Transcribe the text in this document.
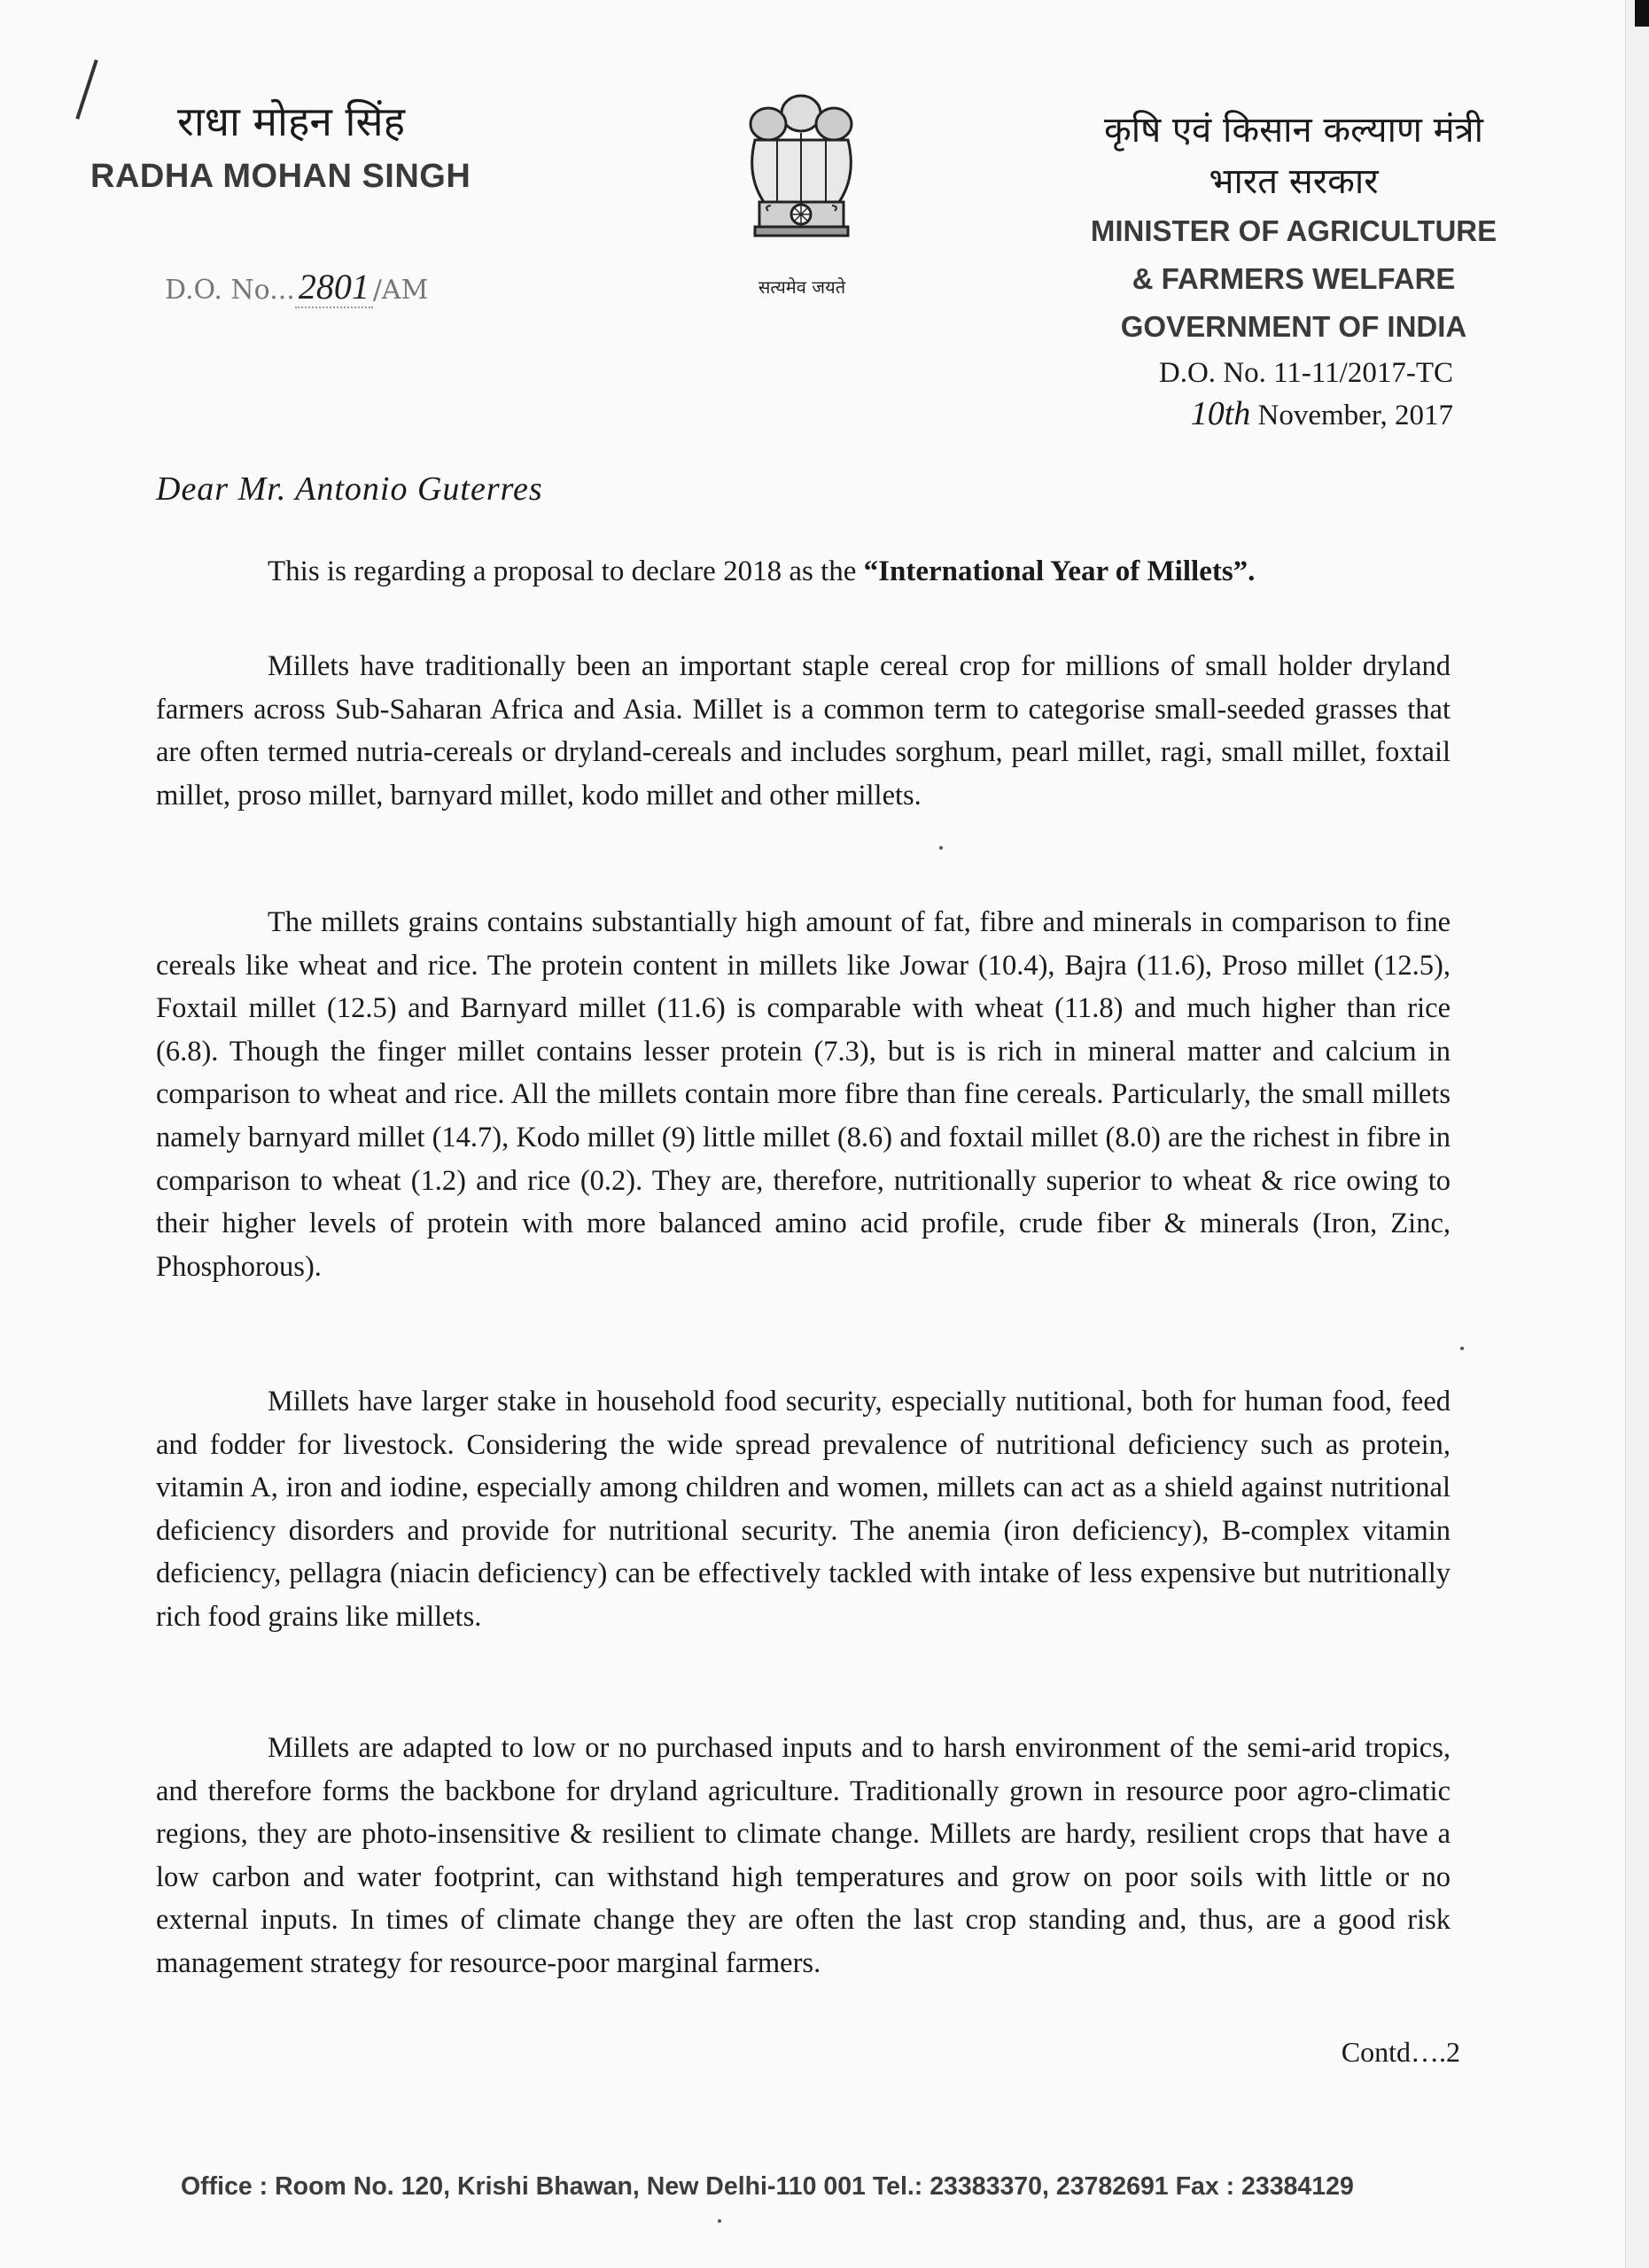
राधा मोहन सिंह
RADHA MOHAN SINGH
D.O. No... 2801 /AM	सत्यमेव जयते
कृषि एवं किसान कल्याण मंत्री
भारत सरकार
MINISTER OF AGRICULTURE
& FARMERS WELFARE
GOVERNMENT OF INDIA
D.O. No. 11-11/2017-TC
10th November, 2017
Dear Mr. Antonio Guterres
This is regarding a proposal to declare 2018 as the “International Year of Millets”.

Millets have traditionally been an important staple cereal crop for millions of small holder dryland farmers across Sub-Saharan Africa and Asia. Millet is a common term to categorise small-seeded grasses that are often termed nutria-cereals or dryland-cereals and includes sorghum, pearl millet, ragi, small millet, foxtail millet, proso millet, barnyard millet, kodo millet and other millets.

The millets grains contains substantially high amount of fat, fibre and minerals in comparison to fine cereals like wheat and rice. The protein content in millets like Jowar (10.4), Bajra (11.6), Proso millet (12.5), Foxtail millet (12.5) and Barnyard millet (11.6) is comparable with wheat (11.8) and much higher than rice (6.8). Though the finger millet contains lesser protein (7.3), but is is rich in mineral matter and calcium in comparison to wheat and rice. All the millets contain more fibre than fine cereals. Particularly, the small millets namely barnyard millet (14.7), Kodo millet (9) little millet (8.6) and foxtail millet (8.0) are the richest in fibre in comparison to wheat (1.2) and rice (0.2). They are, therefore, nutritionally superior to wheat & rice owing to their higher levels of protein with more balanced amino acid profile, crude fiber & minerals (Iron, Zinc, Phosphorous).

Millets have larger stake in household food security, especially nutitional, both for human food, feed and fodder for livestock. Considering the wide spread prevalence of nutritional deficiency such as protein, vitamin A, iron and iodine, especially among children and women, millets can act as a shield against nutritional deficiency disorders and provide for nutritional security. The anemia (iron deficiency), B-complex vitamin deficiency, pellagra (niacin deficiency) can be effectively tackled with intake of less expensive but nutritionally rich food grains like millets.

Millets are adapted to low or no purchased inputs and to harsh environment of the semi-arid tropics, and therefore forms the backbone for dryland agriculture. Traditionally grown in resource poor agro-climatic regions, they are photo-insensitive & resilient to climate change. Millets are hardy, resilient crops that have a low carbon and water footprint, can withstand high temperatures and grow on poor soils with little or no external inputs. In times of climate change they are often the last crop standing and, thus, are a good risk management strategy for resource-poor marginal farmers.

Contd….2
Office : Room No. 120, Krishi Bhawan, New Delhi-110 001 Tel.: 23383370, 23782691 Fax : 23384129
